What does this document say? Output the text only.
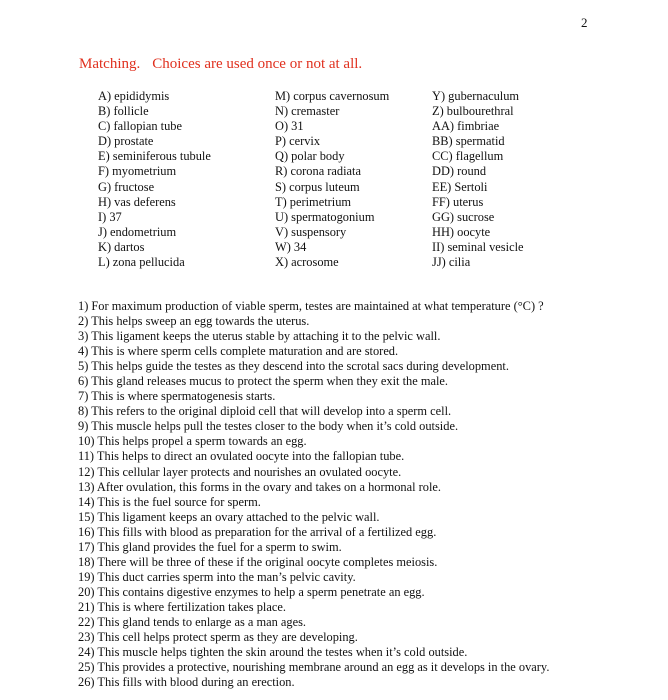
2
Matching. Choices are used once or not at all.
A) epididymis
B) follicle
C) fallopian tube
D) prostate
E) seminiferous tubule
F) myometrium
G) fructose
H) vas deferens
I) 37
J) endometrium
K) dartos
L) zona pellucida
M) corpus cavernosum
N) cremaster
O) 31
P) cervix
Q) polar body
R) corona radiata
S) corpus luteum
T) perimetrium
U) spermatogonium
V) suspensory
W) 34
X) acrosome
Y) gubernaculum
Z) bulbourethral
AA) fimbriae
BB) spermatid
CC) flagellum
DD) round
EE) Sertoli
FF) uterus
GG) sucrose
HH) oocyte
II) seminal vesicle
JJ) cilia
1) For maximum production of viable sperm, testes are maintained at what temperature (°C) ?
2) This helps sweep an egg towards the uterus.
3) This ligament keeps the uterus stable by attaching it to the pelvic wall.
4) This is where sperm cells complete maturation and are stored.
5) This helps guide the testes as they descend into the scrotal sacs during development.
6) This gland releases mucus to protect the sperm when they exit the male.
7) This is where spermatogenesis starts.
8) This refers to the original diploid cell that will develop into a sperm cell.
9) This muscle helps pull the testes closer to the body when it’s cold outside.
10) This helps propel a sperm towards an egg.
11) This helps to direct an ovulated oocyte into the fallopian tube.
12) This cellular layer protects and nourishes an ovulated oocyte.
13) After ovulation, this forms in the ovary and takes on a hormonal role.
14) This is the fuel source for sperm.
15) This ligament keeps an ovary attached to the pelvic wall.
16) This fills with blood as preparation for the arrival of a fertilized egg.
17) This gland provides the fuel for a sperm to swim.
18) There will be three of these if the original oocyte completes meiosis.
19) This duct carries sperm into the man’s pelvic cavity.
20) This contains digestive enzymes to help a sperm penetrate an egg.
21) This is where fertilization takes place.
22) This gland tends to enlarge as a man ages.
23) This cell helps protect sperm as they are developing.
24) This muscle helps tighten the skin around the testes when it’s cold outside.
25) This provides a protective, nourishing membrane around an egg as it develops in the ovary.
26) This fills with blood during an erection.
